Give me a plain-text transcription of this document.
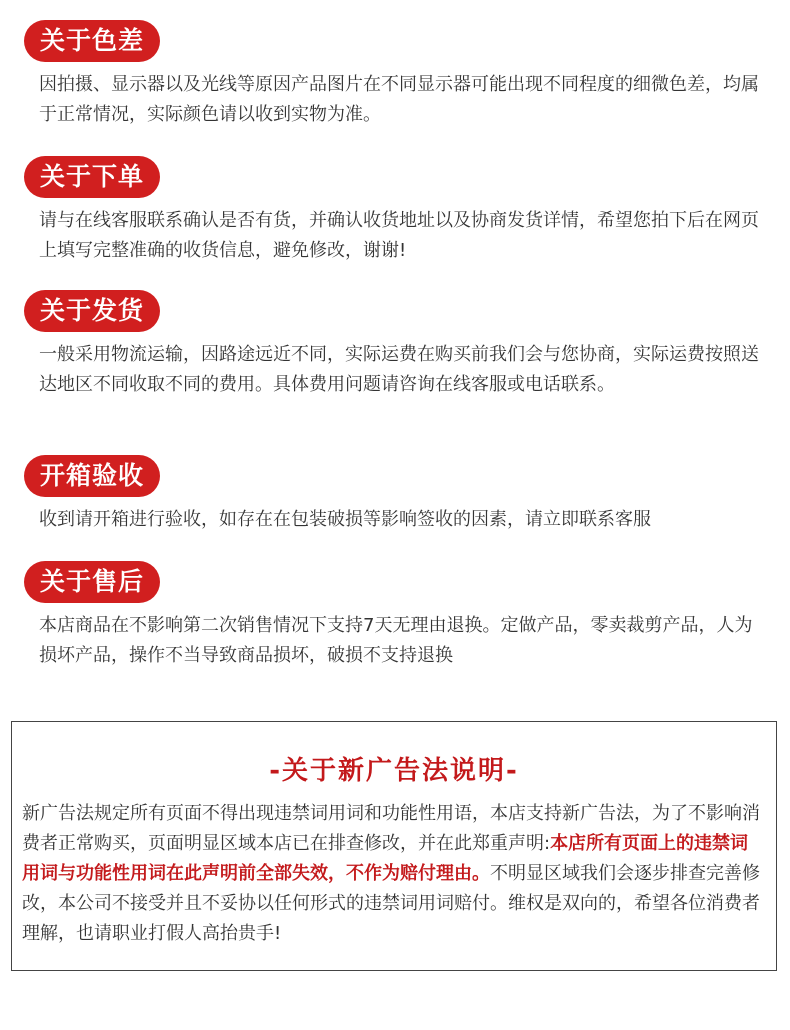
关于色差
因拍摄、显示器以及光线等原因产品图片在不同显示器可能出现不同程度的细微色差，均属于正常情况，实际颜色请以收到实物为准。
关于下单
请与在线客服联系确认是否有货，并确认收货地址以及协商发货详情，希望您拍下后在网页上填写完整准确的收货信息，避免修改，谢谢!
关于发货
一般采用物流运输，因路途远近不同，实际运费在购买前我们会与您协商，实际运费按照送达地区不同收取不同的费用。具体费用问题请咨询在线客服或电话联系。
开箱验收
收到请开箱进行验收，如存在在包装破损等影响签收的因素，请立即联系客服
关于售后
本店商品在不影响第二次销售情况下支持7天无理由退换。定做产品，零卖裁剪产品，人为损坏产品，操作不当导致商品损坏，破损不支持退换
-关于新广告法说明-
新广告法规定所有页面不得出现违禁词用词和功能性用语，本店支持新广告法，为了不影响消费者正常购买，页面明显区域本店已在排查修改，并在此郑重声明:本店所有页面上的违禁词用词与功能性用词在此声明前全部失效，不作为赔付理由。不明显区域我们会逐步排查完善修改，本公司不接受并且不妥协以任何形式的违禁词用词赔付。维权是双向的，希望各位消费者理解，也请职业打假人高抬贵手!
